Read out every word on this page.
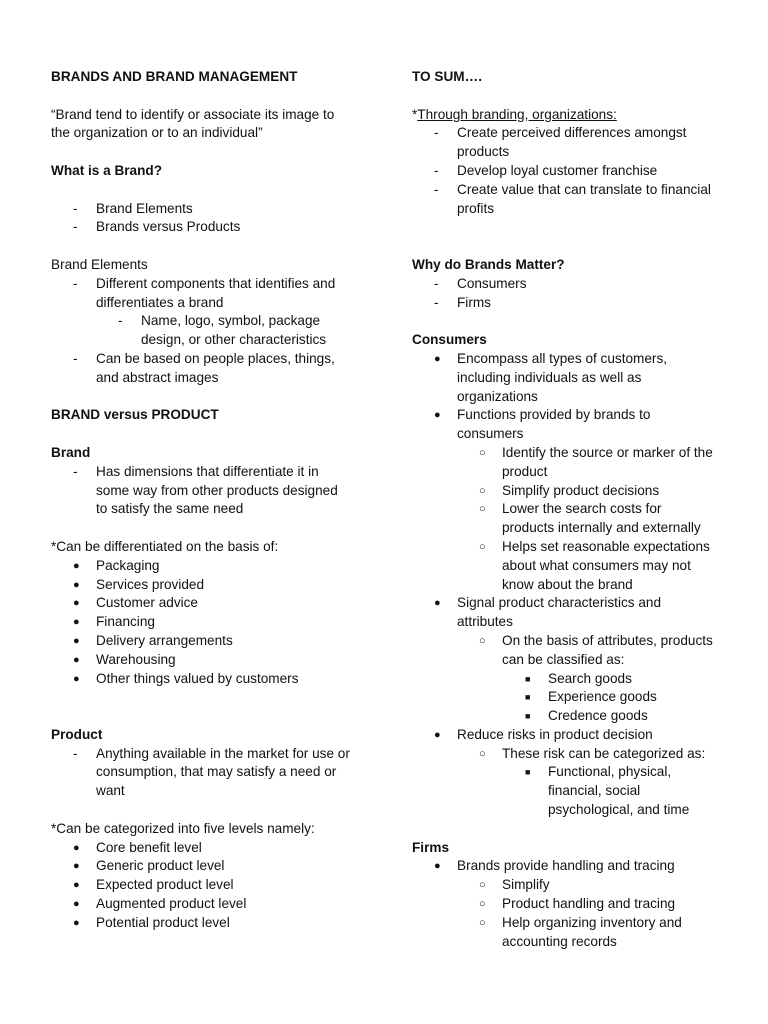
BRANDS AND BRAND MANAGEMENT
“Brand tend to identify or associate its image to
the organization or to an individual”
What is a Brand?
-	Brand Elements
-	Brands versus Products
Brand Elements
-	Different components that identifies and
differentiates a brand
-	Name, logo, symbol, package
design, or other characteristics
-	Can be based on people places, things,
and abstract images
BRAND versus PRODUCT
Brand
-	Has dimensions that differentiate it in
some way from other products designed
to satisfy the same need
*Can be differentiated on the basis of:
●	Packaging
●	Services provided
●	Customer advice
●	Financing
●	Delivery arrangements
●	Warehousing
●	Other things valued by customers
Product
-	Anything available in the market for use or
consumption, that may satisfy a need or
want
*Can be categorized into five levels namely:
●	Core benefit level
●	Generic product level
●	Expected product level
●	Augmented product level
●	Potential product level
TO SUM….
*Through branding, organizations:
-	Create perceived differences amongst
products
-	Develop loyal customer franchise
-	Create value that can translate to financial
profits
Why do Brands Matter?
-	Consumers
-	Firms
Consumers
●	Encompass all types of customers,
including individuals as well as
organizations
●	Functions provided by brands to
consumers
○	Identify the source or marker of the
product
○	Simplify product decisions
○	Lower the search costs for
products internally and externally
○	Helps set reasonable expectations
about what consumers may not
know about the brand
●	Signal product characteristics and
attributes
○	On the basis of attributes, products
can be classified as:
■	Search goods
■	Experience goods
■	Credence goods
●	Reduce risks in product decision
○	These risk can be categorized as:
■	Functional, physical,
financial, social
psychological, and time
Firms
●	Brands provide handling and tracing
○	Simplify
○	Product handling and tracing
○	Help organizing inventory and
accounting records
